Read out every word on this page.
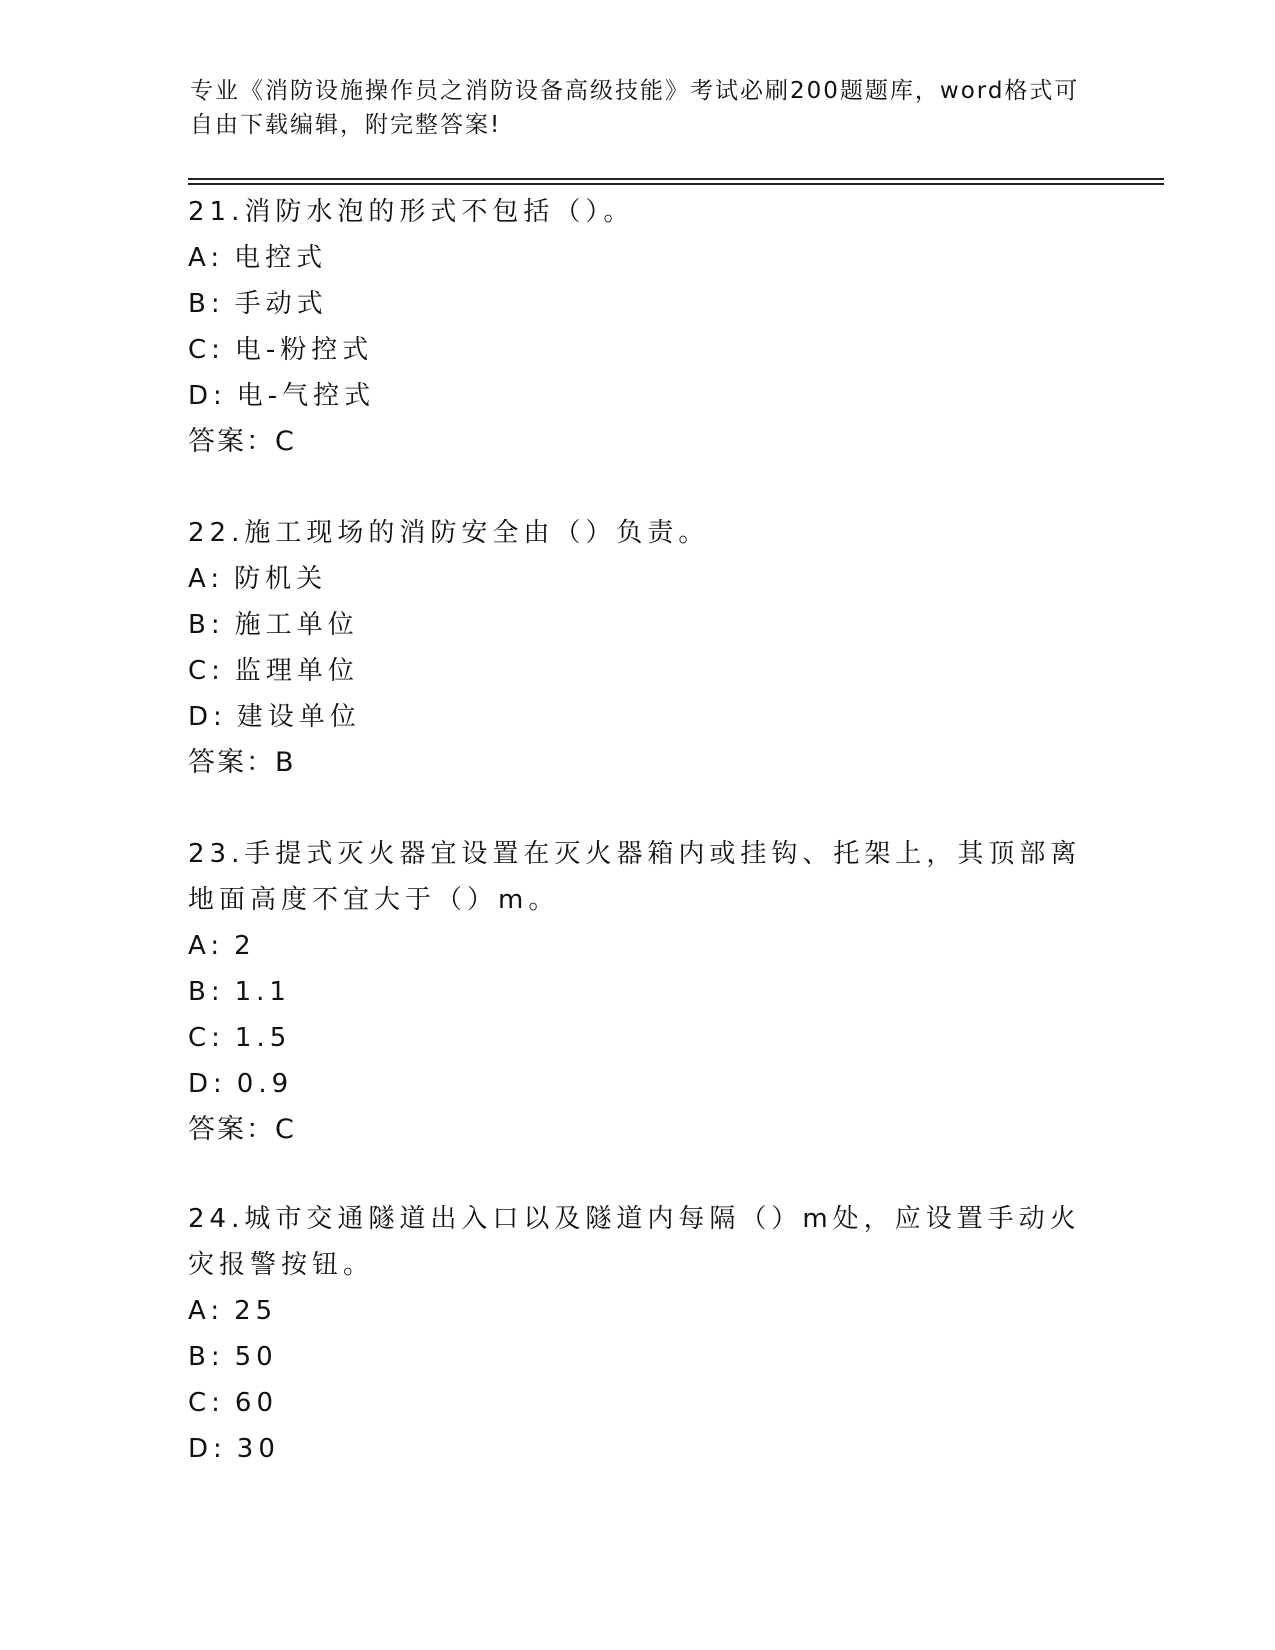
专业《消防设施操作员之消防设备高级技能》考试必刷200题题库，word格式可
自由下载编辑，附完整答案!

21.消防水泡的形式不包括（）。

A: 电控式
B: 手动式
C: 电-粉控式
D: 电-气控式
答案：C

22.施工现场的消防安全由（）负责。

A: 防机关
B: 施工单位
C: 监理单位
D: 建设单位
答案：B

23.手提式灭火器宜设置在灭火器箱内或挂钩、托架上，其顶部离地面高度不宜大于（）m。

A: 2
B: 1.1
C: 1.5
D: 0.9
答案：C

24.城市交通隧道出入口以及隧道内每隔（）m处，应设置手动火灾报警按钮。

A: 25
B: 50
C: 60
D: 30
